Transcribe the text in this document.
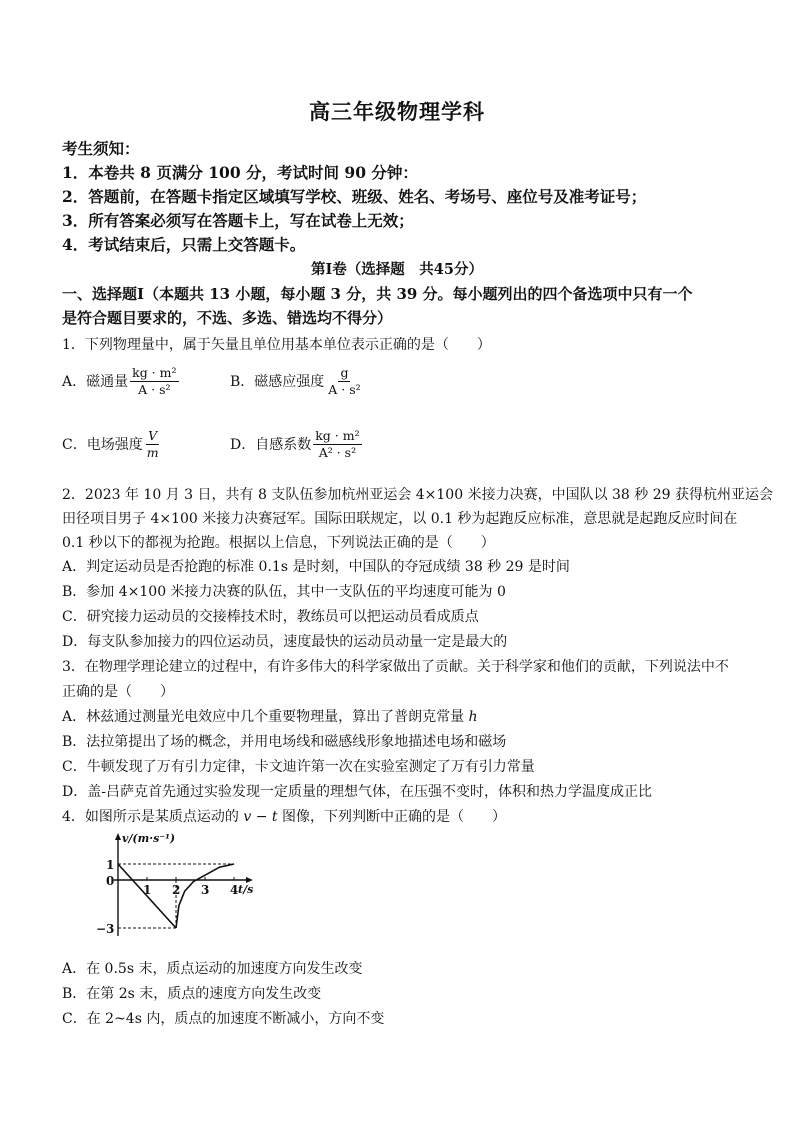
高三年级物理学科
考生须知：
1．本卷共 8 页满分 100 分，考试时间 90 分钟：
2．答题前，在答题卡指定区域填写学校、班级、姓名、考场号、座位号及准考证号；
3．所有答案必须写在答题卡上，写在试卷上无效；
4．考试结束后，只需上交答题卡。
第Ⅰ卷（选择题　共45分）
一、选择题Ⅰ（本题共 13 小题，每小题 3 分，共 39 分。每小题列出的四个备选项中只有一个
是符合题目要求的，不选、多选、错选均不得分）
1．下列物理量中，属于矢量且单位用基本单位表示正确的是（　　）
A．磁通量 $\frac{\text{kg · m²}}{\text{A · s²}}$	B．磁感应强度 $\frac{g}{\text{A · s²}}$
C．电场强度 $\frac{V}{m}$	D．自感系数 $\frac{\text{kg · m²}}{\text{A² · s²}}$
2．2023 年 10 月 3 日，共有 8 支队伍参加杭州亚运会 4×100 米接力决赛，中国队以 38 秒 29 获得杭州亚运会
田径项目男子 4×100 米接力决赛冠军。国际田联规定，以 0.1 秒为起跑反应标准，意思就是起跑反应时间在
0.1 秒以下的都视为抢跑。根据以上信息，下列说法正确的是（　　）
A．判定运动员是否抢跑的标准 0.1s 是时刻，中国队的夺冠成绩 38 秒 29 是时间
B．参加 4×100 米接力决赛的队伍，其中一支队伍的平均速度可能为 0
C．研究接力运动员的交接棒技术时，教练员可以把运动员看成质点
D．每支队参加接力的四位运动员，速度最快的运动员动量一定是最大的
3．在物理学理论建立的过程中，有许多伟大的科学家做出了贡献。关于科学家和他们的贡献，下列说法中不
正确的是（　　）
A．林兹通过测量光电效应中几个重要物理量，算出了普朗克常量 ℎ
B．法拉第提出了场的概念，并用电场线和磁感线形象地描述电场和磁场
C．牛顿发现了万有引力定律，卡文迪许第一次在实验室测定了万有引力常量
D．盖-吕萨克首先通过实验发现一定质量的理想气体，在压强不变时，体积和热力学温度成正比
4．如图所示是某质点运动的 𝑣 − 𝑡 图像，下列判断中正确的是（　　）
v/(m·s⁻¹)
t/s
1
0
−3
1 2 3 4
A．在 0.5s 末，质点运动的加速度方向发生改变
B．在第 2s 末，质点的速度方向发生改变
C．在 2~4s 内，质点的加速度不断减小，方向不变
